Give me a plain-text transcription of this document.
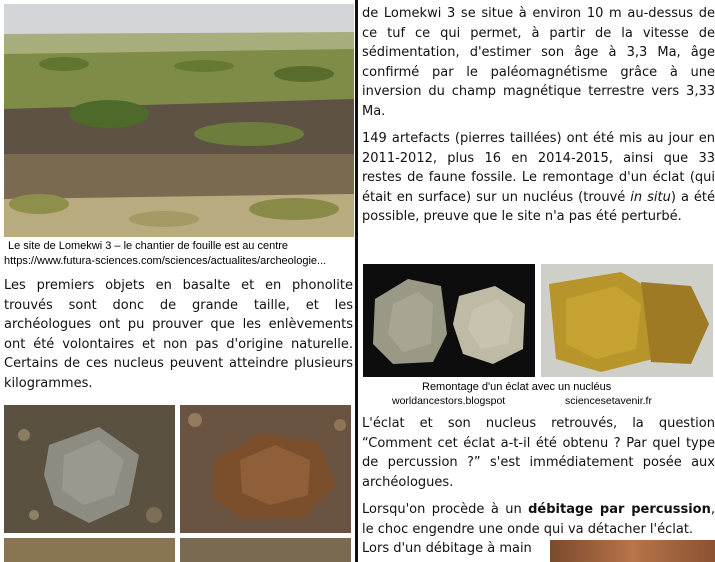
Le site de Lomekwi 3 – le chantier de fouille est au centre
https://www.futura-sciences.com/sciences/actualites/archeologie...

Les premiers objets en basalte et en phonolite trouvés sont donc de grande taille, et les archéologues ont pu prouver que les enlèvements ont été volontaires et non pas d'origine naturelle. Certains de ces nucleus peuvent atteindre plusieurs kilogrammes.

de Lomekwi 3 se situe à environ 10 m au-dessus de ce tuf ce qui permet, à partir de la vitesse de sédimentation, d'estimer son âge à 3,3 Ma, âge confirmé par le paléomagnétisme grâce à une inversion du champ magnétique terrestre vers 3,33 Ma.

149 artefacts (pierres taillées) ont été mis au jour en 2011-2012, plus 16 en 2014-2015, ainsi que 33 restes de faune fossile. Le remontage d'un éclat (qui était en surface) sur un nucléus (trouvé in situ) a été possible, preuve que le site n'a pas été perturbé.

Remontage d'un éclat avec un nucléus
worldancestors.blogspot	sciencesetavenir.fr

L'éclat et son nucleus retrouvés, la question “Comment cet éclat a-t-il été obtenu ? Par quel type de percussion ?” s'est immédiatement posée aux archéologues.

Lorsqu'on procède à un débitage par percussion, le choc engendre une onde qui va détacher l'éclat.

Lors d'un débitage à main
